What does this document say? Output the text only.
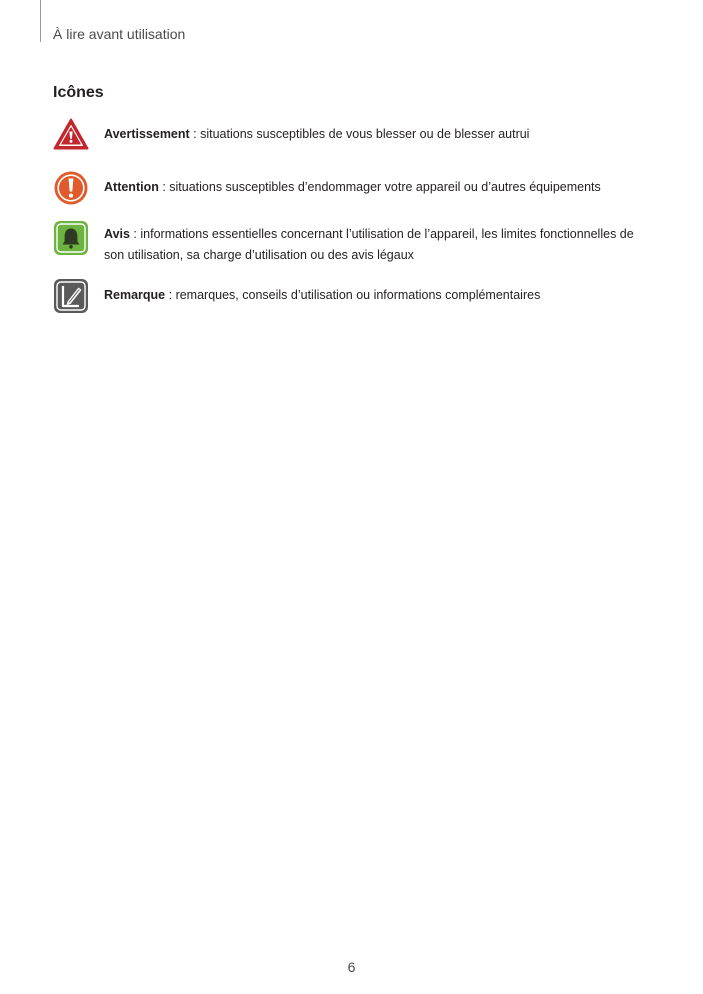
À lire avant utilisation
Icônes
Avertissement : situations susceptibles de vous blesser ou de blesser autrui
Attention : situations susceptibles d’endommager votre appareil ou d’autres équipements
Avis : informations essentielles concernant l’utilisation de l’appareil, les limites fonctionnelles de son utilisation, sa charge d’utilisation ou des avis légaux
Remarque : remarques, conseils d’utilisation ou informations complémentaires
6
